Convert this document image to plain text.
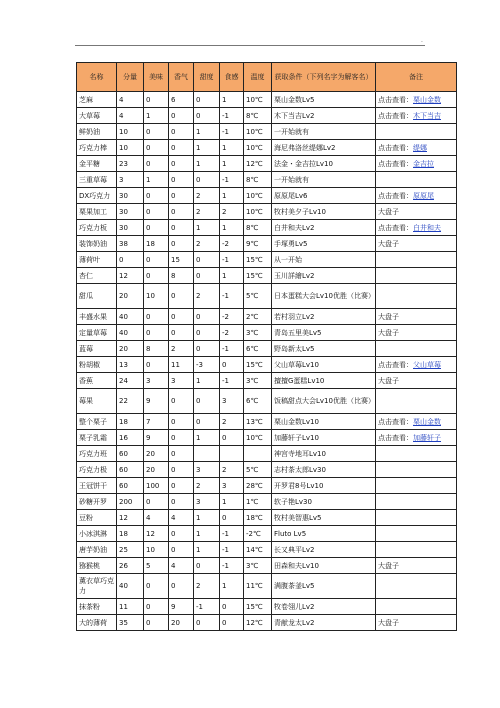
.
名称	分量	美味	香气	甜度	食感	温度	获取条件（下列名字为解客名）	备注
芝麻	4	0	6	0	1	10℃	栗山金数Lv5	点击查看：栗山金数
大草莓	4	1	0	0	-1	8℃	木下当吉Lv2	点击查看：木下当吉
鲜奶油	10	0	0	1	-1	10℃	一开始就有	
巧克力棒	10	0	0	1	1	10℃	海尼弗洛丝缇娜Lv2	点击查看：缇娜
金平糖	23	0	0	1	1	12℃	法金・金吉拉Lv10	点击查看：金吉拉
三重草莓	3	1	0	0	-1	8℃	一开始就有	
DX巧克力	30	0	0	2	1	10℃	原原尾Lv6	点击查看：原原尾
栗果加工	30	0	0	2	2	10℃	牧村美夕子Lv10	大盘子
巧克力板	30	0	0	1	1	8℃	白井和夫Lv2	点击查看：白井和夫
装饰奶油	38	18	0	2	-2	9℃	手塚勇Lv5	大盘子
薄荷叶	0	0	15	0	-1	15℃	从一开始	
杏仁	12	0	8	0	1	15℃	玉川詳繪Lv2	
甜瓜	20	10	0	2	-1	5℃	日本蛋糕大会Lv10优胜（比赛）	
丰盛水果	40	0	0	0	-2	2℃	若村羽立Lv2	大盘子
定量草莓	40	0	0	0	-2	3℃	青岛五里美Lv5	大盘子
蓝莓	20	8	2	0	-1	6℃	野岛新太Lv5	
粉胡椒	13	0	11	-3	0	15℃	父山草莓Lv10	点击查看：父山草莓
香蕉	24	3	3	1	-1	3℃	擅擅G蛋糕Lv10	大盘子
莓果	22	9	0	0	3	6℃	饭稿甜点大会Lv10优胜（比赛）	
整个栗子	18	7	0	0	2	13℃	栗山金数Lv10	点击查看：栗山金数
栗子乳霜	16	9	0	1	0	10℃	加藤轩子Lv10	点击查看：加藤轩子
巧克力班	60	20	0				神宫寺地耳Lv10	
巧克力极	60	20	0	3	2	5℃	志村茶太郎Lv30	
王冠饼干	60	100	0	2	3	28℃	开罗君8号Lv10	
砂糖开罗	200	0	0	3	1	1℃	软子艳Lv30	
豆粉	12	4	4	1	0	18℃	牧村美智惠Lv5	
小冰淇淋	18	12	0	1	-1	-2℃	Fluto Lv5	
唐芋奶油	25	10	0	1	-1	14℃	长又典平Lv2	
猕猴桃	26	5	4	0	-1	3℃	田森和夫Lv10	大盘子
薰衣草巧克力	40	0	0	2	1	11℃	满腹茶釜Lv5	
抹茶粉	11	0	9	-1	0	15℃	牧卷翎儿Lv2	
大的薄荷	35	0	20	0	0	12℃	青献龙太Lv2	大盘子
